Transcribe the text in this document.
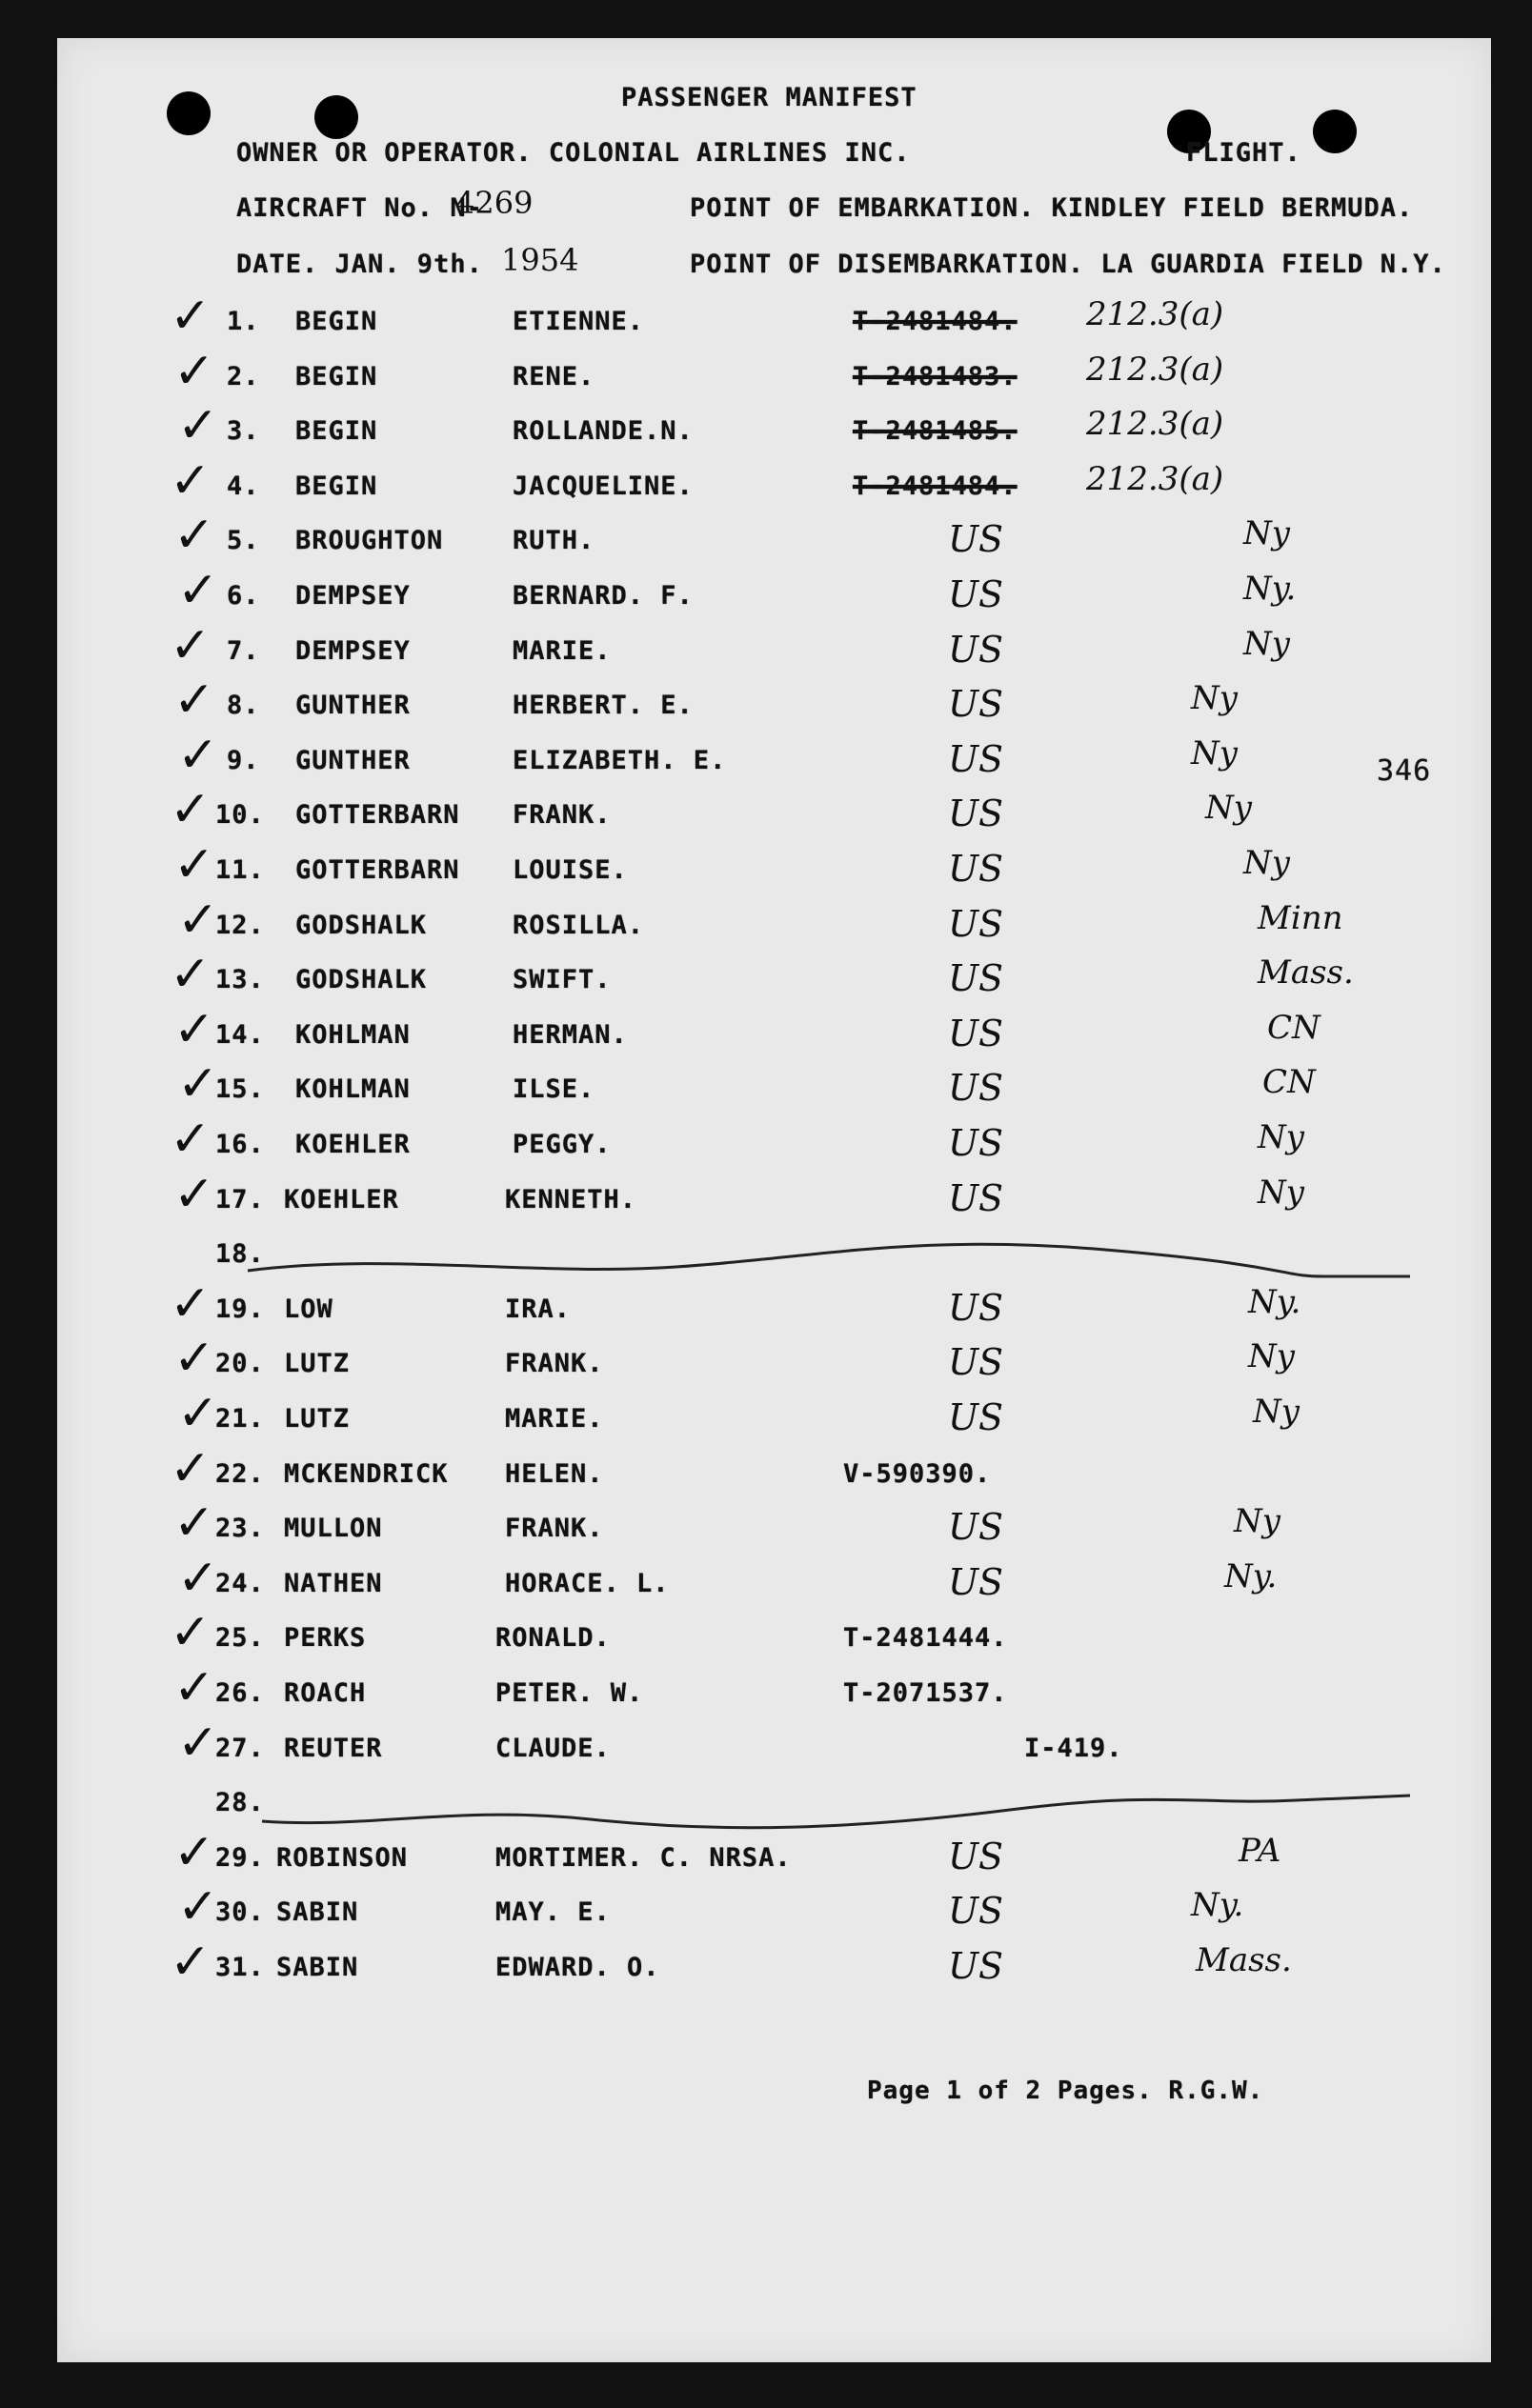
PASSENGER MANIFEST
OWNER OR OPERATOR. COLONIAL AIRLINES INC.	FLIGHT.
AIRCRAFT No. N-
4269	POINT OF EMBARKATION. KINDLEY FIELD BERMUDA.
DATE. JAN. 9th. 1954	POINT OF DISEMBARKATION. LA GUARDIA FIELD N.Y.
346
1. BEGIN	ETIENNE.	T-2481484. 212.3(a)
✓
2. BEGIN	RENE.	T-2481483. 212.3(a)
✓
3. BEGIN	ROLLANDE.N.	T-2481485. 212.3(a)
✓
4. BEGIN	JACQUELINE.	T-2481484. 212.3(a)
✓
5. BROUGHTON	RUTH.	US	Ny
✓
6. DEMPSEY	BERNARD. F.	US	Ny.
✓
7. DEMPSEY	MARIE.	US	Ny
✓
8. GUNTHER	HERBERT. E.	US	Ny
✓
9. GUNTHER	ELIZABETH. E.	US	Ny
✓
10. GOTTERBARN FRANK.	US	Ny
✓
11. GOTTERBARN LOUISE.	US	Ny
✓
12. GODSHALK	ROSILLA.	US	Minn
✓
13. GODSHALK	SWIFT.	US	Mass.
✓
14. KOHLMAN	HERMAN.	US	CN
✓
15. KOHLMAN	ILSE.	US	CN
✓
16. KOEHLER	PEGGY.	US	Ny
✓
17. KOEHLER	KENNETH.	US	Ny
✓
18.
19. LOW	IRA.	US	Ny.
✓
20. LUTZ	FRANK.	US	Ny
✓
21. LUTZ	MARIE.	US	Ny
✓
22. MCKENDRICK HELEN.	V-590390.
✓
23. MULLON	FRANK.	US	Ny
✓
24. NATHEN	HORACE. L.	US	Ny.
✓
25. PERKS	RONALD.	T-2481444.
✓
26. ROACH	PETER. W.	T-2071537.
✓
27. REUTER	CLAUDE.	I-419.
✓
28.
29. ROBINSON	MORTIMER. C. NRSA.	US	PA
✓
30. SABIN	MAY. E.	US	Ny.
✓
31. SABIN	EDWARD. O.	US	Mass.
✓
Page 1 of 2 Pages. R.G.W.
